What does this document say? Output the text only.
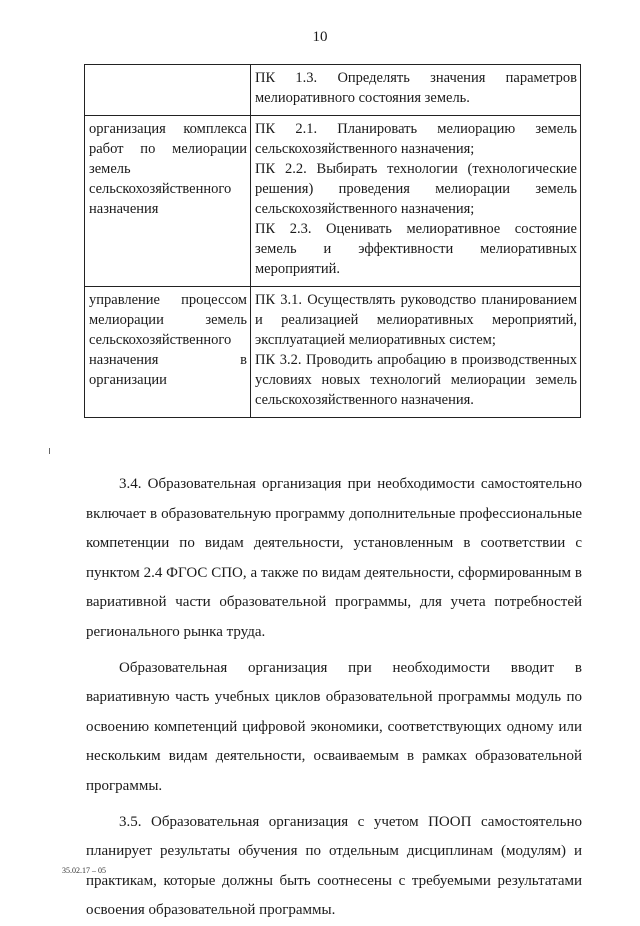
10

	ПК 1.3. Определять значения параметров мелиоративного состояния земель.

организация комплекса работ по мелиорации земель сельскохозяйственного назначения	ПК 2.1. Планировать мелиорацию земель сельскохозяйственного назначения;
ПК 2.2. Выбирать технологии (технологические решения) проведения мелиорации земель сельскохозяйственного назначения;
ПК 2.3. Оценивать мелиоративное состояние земель и эффективности мелиоративных мероприятий.

управление процессом мелиорации земель сельскохозяйственного назначения в организации	ПК 3.1. Осуществлять руководство планированием и реализацией мелиоративных мероприятий, эксплуатацией мелиоративных систем;
ПК 3.2. Проводить апробацию в производственных условиях новых технологий мелиорации земель сельскохозяйственного назначения.

3.4. Образовательная организация при необходимости самостоятельно включает в образовательную программу дополнительные профессиональные компетенции по видам деятельности, установленным в соответствии с пунктом 2.4 ФГОС СПО, а также по видам деятельности, сформированным в вариативной части образовательной программы, для учета потребностей регионального рынка труда.

Образовательная организация при необходимости вводит в вариативную часть учебных циклов образовательной программы модуль по освоению компетенций цифровой экономики, соответствующих одному или нескольким видам деятельности, осваиваемым в рамках образовательной программы.

3.5. Образовательная организация с учетом ПООП самостоятельно планирует результаты обучения по отдельным дисциплинам (модулям) и практикам, которые должны быть соотнесены с требуемыми результатами освоения образовательной программы.

35.02.17 – 05
